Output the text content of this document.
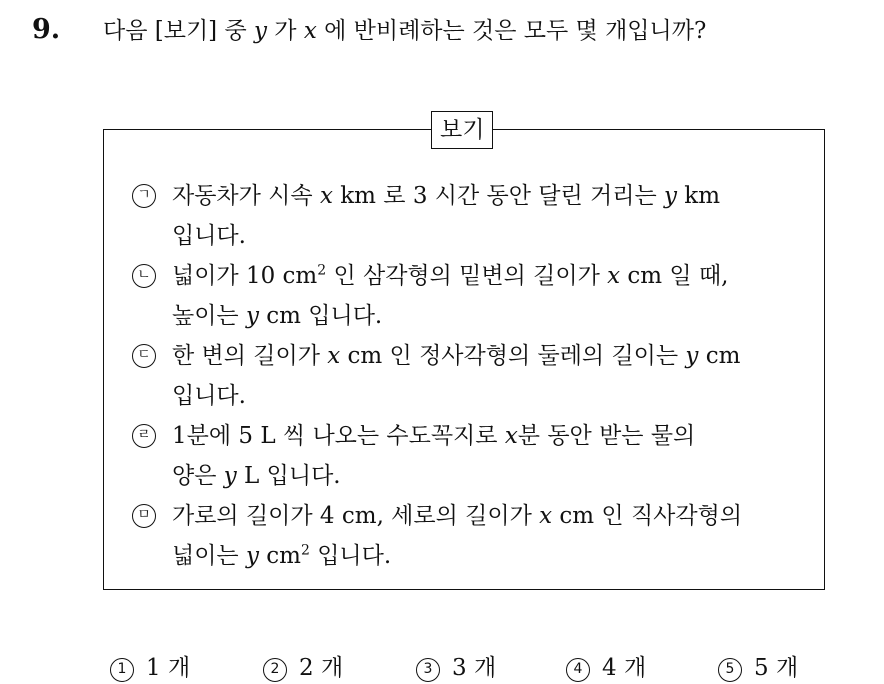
9. 다음 [보기] 중 y 가 x 에 반비례하는 것은 모두 몇 개입니까?
보기
ㄱ 자동차가 시속 x km 로 3 시간 동안 달린 거리는 y km
입니다.
ㄴ 넓이가 10 $cm^2$ 인 삼각형의 밑변의 길이가 x cm 일 때,
높이는 y cm 입니다.
ㄷ 한 변의 길이가 x cm 인 정사각형의 둘레의 길이는 y cm
입니다.
ㄹ 1분에 5 L 씩 나오는 수도꼭지로 x분 동안 받는 물의
양은 y L 입니다.
ㅁ 가로의 길이가 4 cm, 세로의 길이가 x cm 인 직사각형의
넓이는 y $cm^2$ 입니다.
1 1 개	2 2 개	3 3 개	4 4 개	5 5 개
